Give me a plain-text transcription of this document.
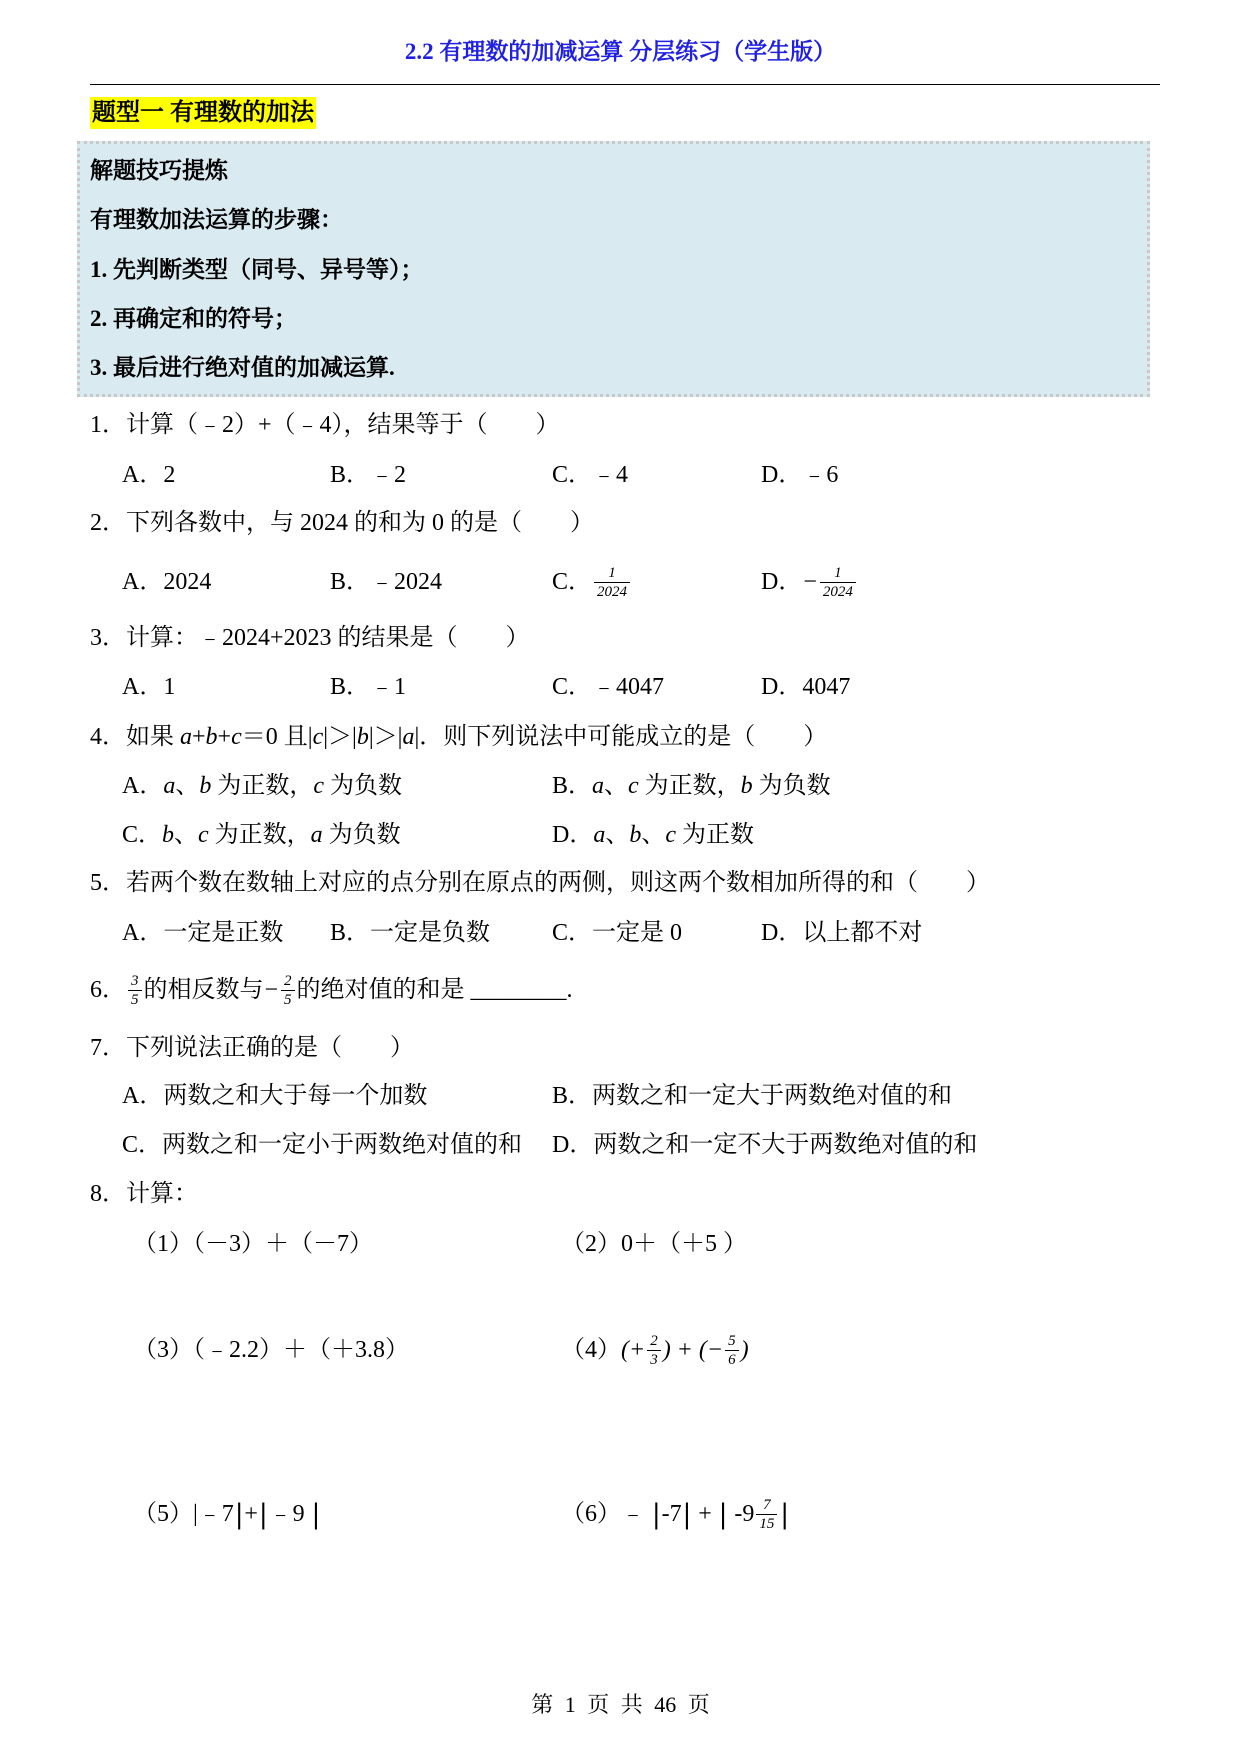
2.2 有理数的加减运算 分层练习（学生版）
题型一 有理数的加法
解题技巧提炼
有理数加法运算的步骤：
1. 先判断类型（同号、异号等）；
2. 再确定和的符号；
3. 最后进行绝对值的加减运算.
1．计算（﹣2）+（﹣4），结果等于（　　）
A．2	B．﹣2	C．﹣4	D．﹣6
2．下列各数中，与 2024 的和为 0 的是（　　）
A．2024	B．﹣2024	C． $\frac{1}{2024}$	D． − $\frac{1}{2024}$
3．计算：﹣2024+2023 的结果是（　　）
A．1	B．﹣1	C．﹣4047	D．4047
4．如果 a + b + c ＝0 且| c |＞| b |＞| a |．则下列说法中可能成立的是（　　）
A． a 、 b 为正数， c 为负数	B． a 、 c 为正数， b 为负数
C． b 、 c 为正数， a 为负数	D． a 、 b 、 c 为正数
5．若两个数在数轴上对应的点分别在原点的两侧，则这两个数相加所得的和（　　）
A．一定是正数 B．一定是负数	C．一定是 0	D．以上都不对
6． $\frac{3}{5}$ 的相反数与 − $\frac{2}{5}$ 的绝对值的和是 ________ .
7．下列说法正确的是（　　）
A．两数之和大于每一个加数	B．两数之和一定大于两数绝对值的和
C．两数之和一定小于两数绝对值的和 D．两数之和一定不大于两数绝对值的和
8．计算：
（1）（－3）＋（－7）	（2）0＋（＋5 ）
（3）（﹣2.2）＋（＋3.8）	（4） (+ $\frac{2}{3}$ ) + (− $\frac{5}{6}$ )
（5）|﹣7 | + | ﹣9 |	（6）﹣ | -7 | + | $-9 \frac{7}{15}$ |
第 1 页 共 46 页
